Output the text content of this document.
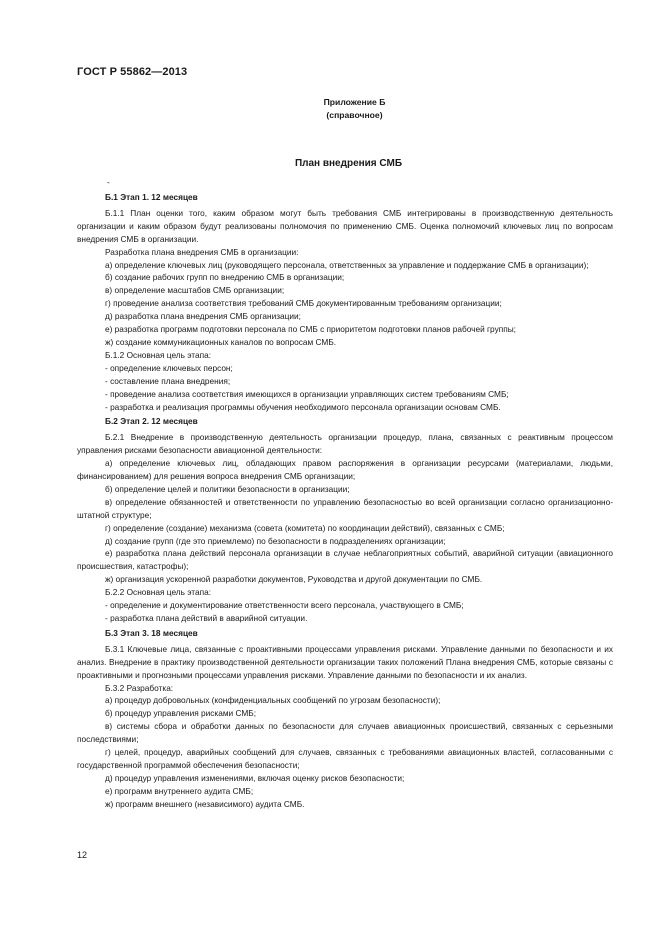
ГОСТ Р 55862—2013
Приложение Б
(справочное)
План внедрения СМБ
‐

Б.1 Этап 1. 12 месяцев

Б.1.1 План оценки того, каким образом могут быть требования СМБ интегрированы в производственную деятельность организации и каким образом будут реализованы полномочия по применению СМБ. Оценка полномочий ключевых лиц по вопросам внедрения СМБ в организации.

Разработка плана внедрения СМБ в организации:

а) определение ключевых лиц (руководящего персонала, ответственных за управление и поддержание СМБ в организации);

б) создание рабочих групп по внедрению СМБ в организации;

в) определение масштабов СМБ организации;

г) проведение анализа соответствия требований СМБ документированным требованиям организации;

д) разработка плана внедрения СМБ организации;

е) разработка программ подготовки персонала по СМБ с приоритетом подготовки планов рабочей группы;

ж) создание коммуникационных каналов по вопросам СМБ.

Б.1.2 Основная цель этапа:

- определение ключевых персон;

- составление плана внедрения;

- проведение анализа соответствия имеющихся в организации управляющих систем требованиям СМБ;

- разработка и реализация программы обучения необходимого персонала организации основам СМБ.

Б.2 Этап 2. 12 месяцев

Б.2.1 Внедрение в производственную деятельность организации процедур, плана, связанных с реактивным процессом управления рисками безопасности авиационной деятельности:

а) определение ключевых лиц, обладающих правом распоряжения в организации ресурсами (материалами, людьми, финансированием) для решения вопроса внедрения СМБ организации;

б) определение целей и политики безопасности в организации;

в) определение обязанностей и ответственности по управлению безопасностью во всей организации согласно организационно-штатной структуре;

г) определение (создание) механизма (совета (комитета) по координации действий), связанных с СМБ;

д) создание групп (где это приемлемо) по безопасности в подразделениях организации;

е) разработка плана действий персонала организации в случае неблагоприятных событий, аварийной ситуации (авиационного происшествия, катастрофы);

ж) организация ускоренной разработки документов, Руководства и другой документации по СМБ.

Б.2.2 Основная цель этапа:

- определение и документирование ответственности всего персонала, участвующего в СМБ;

- разработка плана действий в аварийной ситуации.

Б.3 Этап 3. 18 месяцев

Б.3.1 Ключевые лица, связанные с проактивными процессами управления рисками. Управление данными по безопасности и их анализ. Внедрение в практику производственной деятельности организации таких положений Плана внедрения СМБ, которые связаны с проактивными и прогнозными процессами управления рисками. Управление данными по безопасности и их анализ.

Б.3.2 Разработка:

а) процедур добровольных (конфиденциальных сообщений по угрозам безопасности);

б) процедур управления рисками СМБ;

в) системы сбора и обработки данных по безопасности для случаев авиационных происшествий, связанных с серьезными последствиями;

г) целей, процедур, аварийных сообщений для случаев, связанных с требованиями авиационных властей, согласованными с государственной программой обеспечения безопасности;

д) процедур управления изменениями, включая оценку рисков безопасности;

е) программ внутреннего аудита СМБ;

ж) программ внешнего (независимого) аудита СМБ.

12
